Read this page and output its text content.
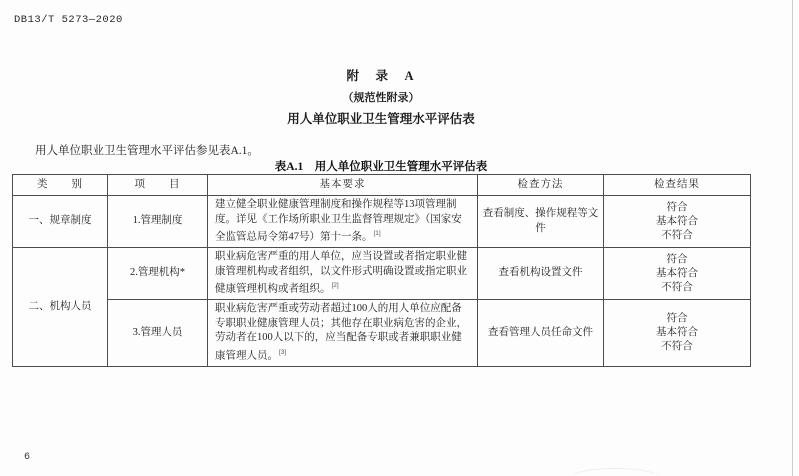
DB13/T 5273—2020
附　录　A
（规范性附录）
用人单位职业卫生管理水平评估表
用人单位职业卫生管理水平评估参见表A.1。
表A.1　用人单位职业卫生管理水平评估表
类　　别	项　　目	基本要求	检查方法	检查结果
一、规章制度	1.管理制度	建立健全职业健康管理制度和操作规程等13项管理制度。详见《工作场所职业卫生监督管理规定》（国家安全监管总局令第47号）第十一条。[1]	查看制度、操作规程等文件	符合
基本符合
不符合

二、机构人员	2.管理机构*	职业病危害严重的用人单位，应当设置或者指定职业健康管理机构或者组织，以文件形式明确设置或指定职业健康管理机构或者组织。[2]	查看机构设置文件	符合
基本符合
不符合

	3.管理人员	职业病危害严重或劳动者超过100人的用人单位应配备专职职业健康管理人员；其他存在职业病危害的企业，劳动者在100人以下的，应当配备专职或者兼职职业健康管理人员。[3]	查看管理人员任命文件	符合
基本符合
不符合
6
